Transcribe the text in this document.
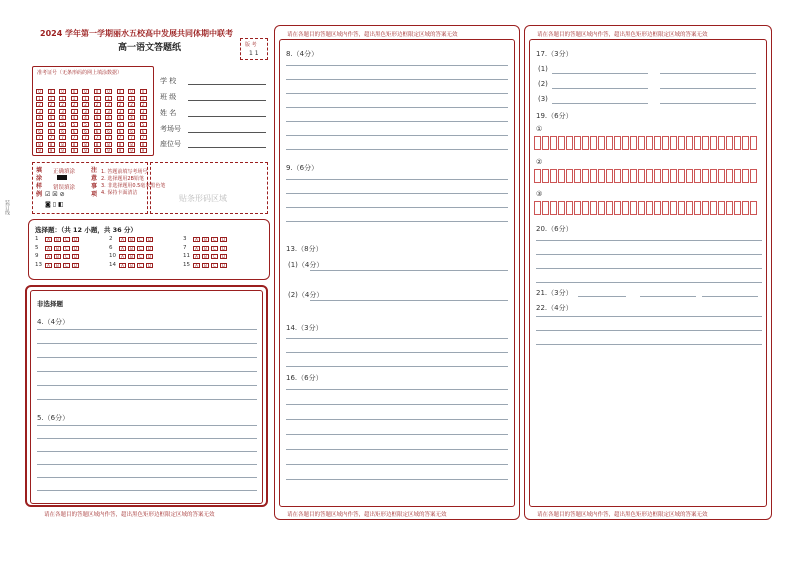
装订线
2024 学年第一学期丽水五校高中发展共同体期中联考
高一语文答题纸	版 考
1 1
准考证号（无条形码的网上填涂数据）
0	0	0	0	0	0	0	0	0	0
1	1	1	1	1	1	1	1	1	1
2	2	2	2	2	2	2	2	2	2
3	3	3	3	3	3	3	3	3	3
4	4	4	4	4	4	4	4	4	4
5	5	5	5	5	5	5	5	5	5
6	6	6	6	6	6	6	6	6	6
7	7	7	7	7	7	7	7	7	7
8	8	8	8	8	8	8	8	8	8
9	9	9	9	9	9	9	9	9	9
学 校
班 级
姓 名
考场号
座位号
填涂样例
正确填涂
错误填涂
☑ ☒ ⊘
◙ ▯ ◧
注意事项
1. 答题前填写考场号
2. 选择题用2B铅笔
3. 非选择题用0.5毫米黑色笔
4. 保持卡面清洁
贴条形码区域
选择题：（共 12 小题，共 36 分）
1	A	B	C	D	2	A	B	C	D	3	A	B	C	D
5	A	B	C	D	6	A	B	C	D	7	A	B	C	D
9	A	B	C	D	10	A	B	C	D	11	A	B	C	D
13	A	B	C	D	14	A	B	C	D	15	A	B	C	D
非选择题
4.（4分）
5.（6分）
请在各题目的答题区域内作答，超出黑色矩形边框限定区域的答案无效
请在各题目的答题区域内作答，超出黑色矩形边框限定区域的答案无效
8.（4分）
9.（6分）
13.（8分）
(1)（4分）
(2)（4分）
14.（3分）
16.（6分）
请在各题目的答题区域内作答，超出矩形边框限定区域的答案无效
请在各题目的答题区域内作答，超出黑色矩形边框限定区域的答案无效
17.（3分）
(1)
(2)
(3)
19.（6分）
①
②
③
20.（6分）
21.（3分）
22.（4分）
请在各题目的答题区域内作答，超出黑色矩形边框限定区域的答案无效
